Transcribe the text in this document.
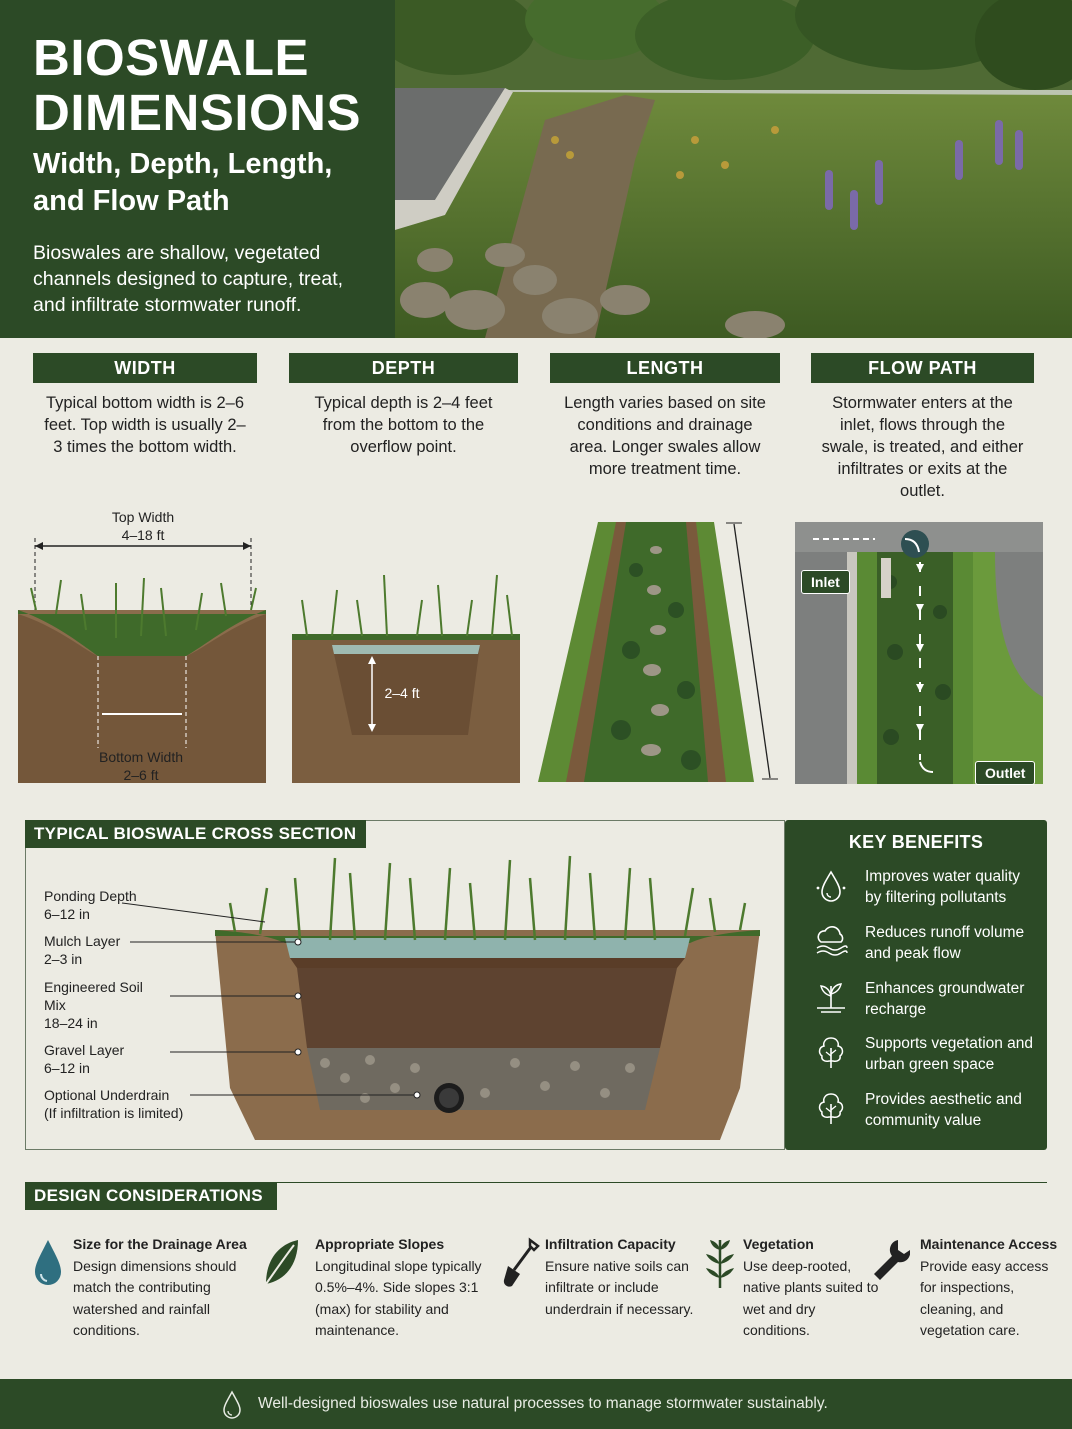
BIOSWALE DIMENSIONS
Width, Depth, Length,
and Flow Path
Bioswales are shallow, vegetated channels designed to capture, treat, and infiltrate stormwater runoff.
WIDTH
Typical bottom width is 2–6 feet. Top width is usually 2–3 times the bottom width.
Top Width
4–18 ft
Bottom Width
2–6 ft
DEPTH
Typical depth is 2–4 feet from the bottom to the overflow point.
2–4 ft
LENGTH
Length varies based on site conditions and drainage area. Longer swales allow more treatment time.
FLOW PATH
Stormwater enters at the inlet, flows through the swale, is treated, and either infiltrates or exits at the outlet.
Inlet
Outlet
TYPICAL BIOSWALE CROSS SECTION
Ponding Depth
6–12 in
Mulch Layer
2–3 in
Engineered Soil Mix
18–24 in
Gravel Layer
6–12 in
Optional Underdrain
(If infiltration is limited)
KEY BENEFITS
Improves water quality by filtering pollutants
Reduces runoff volume and peak flow
Enhances groundwater recharge
Supports vegetation and urban green space
Provides aesthetic and community value
DESIGN CONSIDERATIONS
Size for the Drainage Area
Design dimensions should match the contributing watershed and rainfall conditions.
Appropriate Slopes
Longitudinal slope typically 0.5%–4%. Side slopes 3:1 (max) for stability and maintenance.
Infiltration Capacity
Ensure native soils can infiltrate or include underdrain if necessary.
Vegetation
Use deep-rooted, native plants suited to wet and dry conditions.
Maintenance Access
Provide easy access for inspections, cleaning, and vegetation care.
Well-designed bioswales use natural processes to manage stormwater sustainably.
